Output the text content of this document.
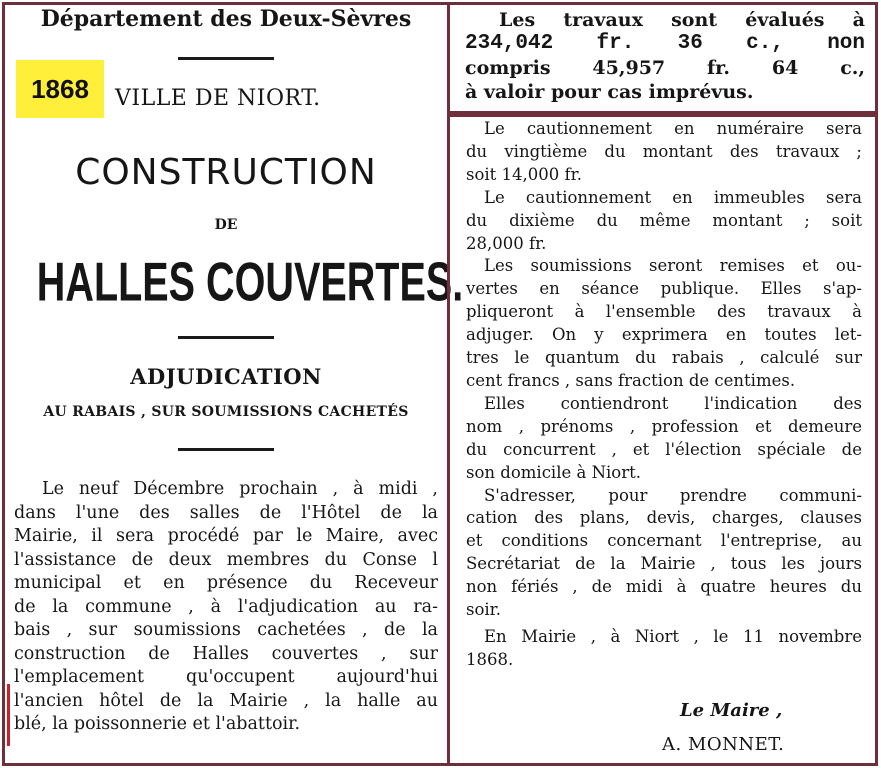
Département des Deux-Sèvres
1868	VILLE DE NIORT.
CONSTRUCTION
DE
HALLES COUVERTES.
ADJUDICATION
AU RABAIS , SUR SOUMISSIONS CACHETÉS
Le neuf Décembre prochain , à midi ,
dans l'une des salles de l'Hôtel de la
Mairie, il sera procédé par le Maire, avec
l'assistance de deux membres du Conse l
municipal et en présence du Receveur
de la commune , à l'adjudication au ra-
bais , sur soumissions cachetées , de la
construction de Halles couvertes , sur
l'emplacement qu'occupent aujourd'hui
l'ancien hôtel de la Mairie , la halle au
blé, la poissonnerie et l'abattoir.
Les travaux sont évalués à
234,042 fr. 36 c., non
compris 45,957 fr. 64 c.,
à valoir pour cas imprévus.
Le cautionnement en numéraire sera
du vingtième du montant des travaux ;
soit 14,000 fr.
Le cautionnement en immeubles sera
du dixième du même montant ; soit
28,000 fr.
Les soumissions seront remises et ou-
vertes en séance publique. Elles s'ap-
pliqueront à l'ensemble des travaux à
adjuger. On y exprimera en toutes let-
tres le quantum du rabais , calculé sur
cent francs , sans fraction de centimes.
Elles contiendront l'indication des
nom , prénoms , profession et demeure
du concurrent , et l'élection spéciale de
son domicile à Niort.
S'adresser, pour prendre communi-
cation des plans, devis, charges, clauses
et conditions concernant l'entreprise, au
Secrétariat de la Mairie , tous les jours
non fériés , de midi à quatre heures du
soir.
En Mairie , à Niort , le 11 novembre
1868.
Le Maire ,
A. MONNET.
